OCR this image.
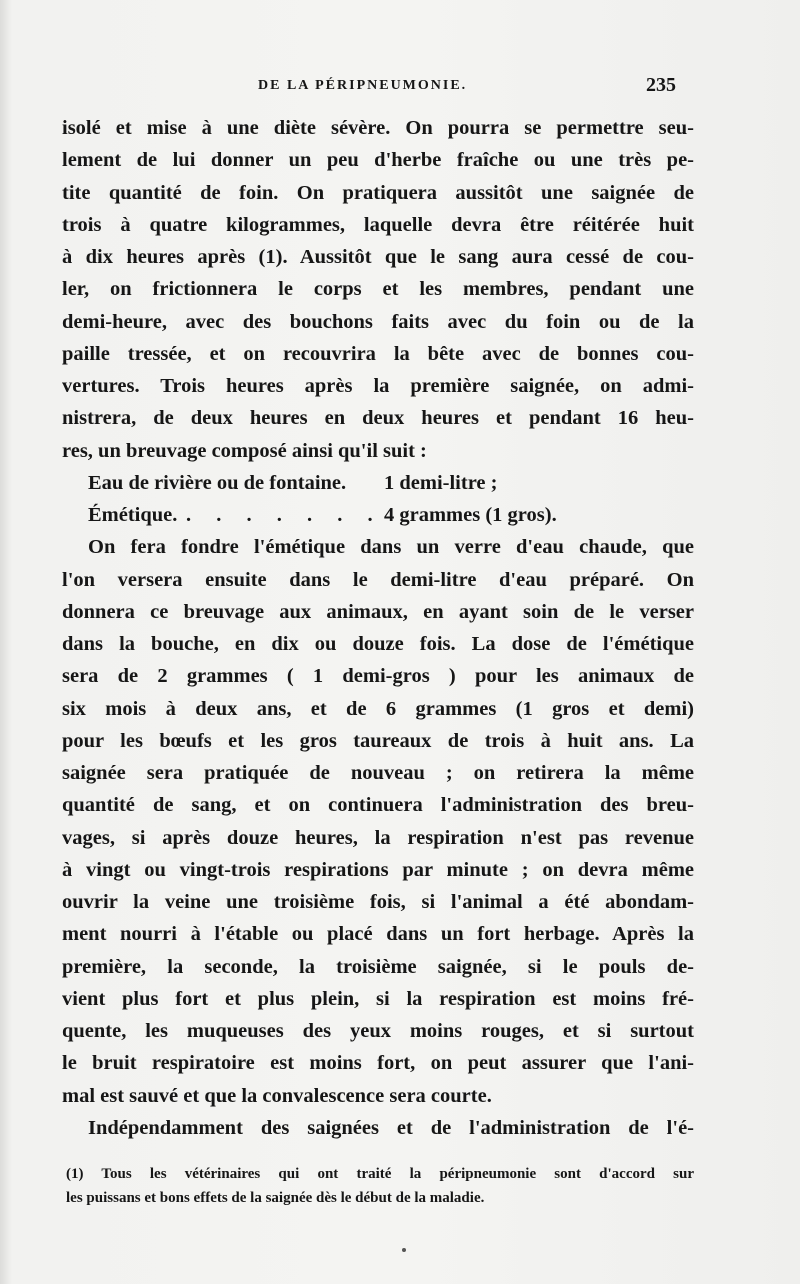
DE LA PÉRIPNEUMONIE.	235
isolé et mise à une diète sévère. On pourra se permettre seu-
lement de lui donner un peu d'herbe fraîche ou une très pe-
tite quantité de foin. On pratiquera aussitôt une saignée de
trois à quatre kilogrammes, laquelle devra être réitérée huit
à dix heures après (1). Aussitôt que le sang aura cessé de cou-
ler, on frictionnera le corps et les membres, pendant une
demi-heure, avec des bouchons faits avec du foin ou de la
paille tressée, et on recouvrira la bête avec de bonnes cou-
vertures. Trois heures après la première saignée, on admi-
nistrera, de deux heures en deux heures et pendant 16 heu-
res, un breuvage composé ainsi qu'il suit :
Eau de rivière ou de fontaine. 1 demi-litre ;
Émétique. . . . . . . . 4 grammes (1 gros).
On fera fondre l'émétique dans un verre d'eau chaude, que
l'on versera ensuite dans le demi-litre d'eau préparé. On
donnera ce breuvage aux animaux, en ayant soin de le verser
dans la bouche, en dix ou douze fois. La dose de l'émétique
sera de 2 grammes ( 1 demi-gros ) pour les animaux de
six mois à deux ans, et de 6 grammes (1 gros et demi)
pour les bœufs et les gros taureaux de trois à huit ans. La
saignée sera pratiquée de nouveau ; on retirera la même
quantité de sang, et on continuera l'administration des breu-
vages, si après douze heures, la respiration n'est pas revenue
à vingt ou vingt-trois respirations par minute ; on devra même
ouvrir la veine une troisième fois, si l'animal a été abondam-
ment nourri à l'étable ou placé dans un fort herbage. Après la
première, la seconde, la troisième saignée, si le pouls de-
vient plus fort et plus plein, si la respiration est moins fré-
quente, les muqueuses des yeux moins rouges, et si surtout
le bruit respiratoire est moins fort, on peut assurer que l'ani-
mal est sauvé et que la convalescence sera courte.
Indépendamment des saignées et de l'administration de l'é-
(1) Tous les vétérinaires qui ont traité la péripneumonie sont d'accord sur
les puissans et bons effets de la saignée dès le début de la maladie.
